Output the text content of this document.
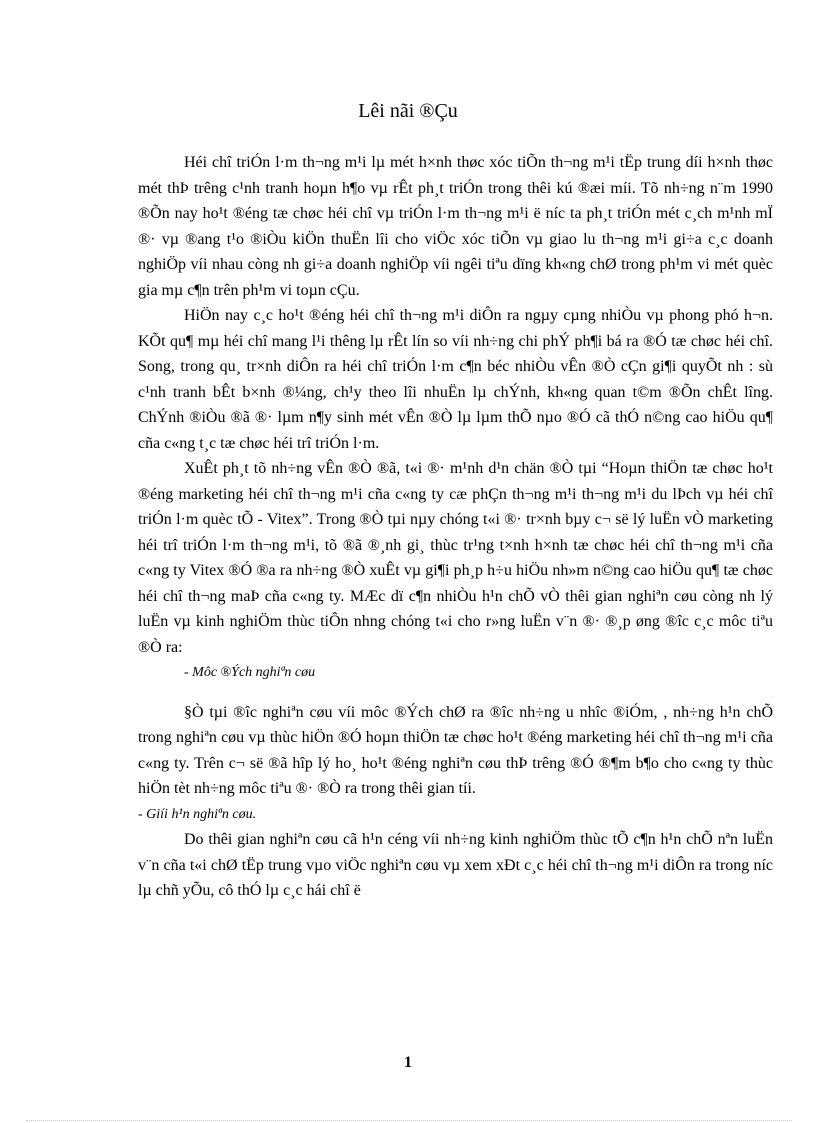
Lêi nãi ®Çu

Héi chî triÓn l·m th¬ng m¹i lµ mét h×nh thøc xóc tiÕn th¬ng m¹i tËp trung díi h×nh thøc mét thÞ trêng c¹nh tranh hoµn h¶o vµ rÊt ph¸t triÓn trong thêi kú ®æi míi. Tõ nh÷ng n¨m 1990 ®Õn nay ho¹t ®éng tæ chøc héi chî vµ triÓn l·m th¬ng m¹i ë níc ta ph¸t triÓn mét c¸ch m¹nh mÏ ®· vµ ®ang t¹o ®iÒu kiÖn thuËn lîi cho viÖc xóc tiÕn vµ giao lu th¬ng m¹i gi÷a c¸c doanh nghiÖp víi nhau còng nh gi÷a doanh nghiÖp víi ngêi tiªu dïng kh«ng chØ trong ph¹m vi mét quèc gia mµ c¶n trên ph¹m vi toµn cÇu.

HiÖn nay c¸c ho¹t ®éng héi chî th¬ng m¹i diÔn ra ngµy cµng nhiÒu vµ phong phó h¬n. KÕt qu¶ mµ héi chî mang l¹i thêng lµ rÊt lín so víi nh÷ng chi phÝ ph¶i bá ra ®Ó tæ chøc héi chî. Song, trong qu¸ tr×nh diÔn ra héi chî triÓn l·m c¶n béc nhiÒu vÊn ®Ò cÇn gi¶i quyÕt nh : sù c¹nh tranh bÊt b×nh ®¼ng, ch¹y theo lîi nhuËn lµ chÝnh, kh«ng quan t©m ®Õn chÊt lîng. ChÝnh ®iÒu ®ã ®· lµm n¶y sinh mét vÊn ®Ò lµ lµm thÕ nµo ®Ó cã thÓ n©ng cao hiÖu qu¶ cña c«ng t¸c tæ chøc héi trî triÓn l·m.

XuÊt ph¸t tõ nh÷ng vÊn ®Ò ®ã, t«i ®· m¹nh d¹n chän ®Ò tµi “Hoµn thiÖn tæ chøc ho¹t ®éng marketing héi chî th¬ng m¹i cña c«ng ty cæ phÇn th¬ng m¹i th¬ng m¹i du lÞch vµ héi chî triÓn l·m quèc tÕ - Vitex”. Trong ®Ò tµi nµy chóng t«i ®· tr×nh bµy c¬ së lý luËn vÒ marketing héi trî triÓn l·m th¬ng m¹i, tõ ®ã ®¸nh gi¸ thùc tr¹ng t×nh h×nh tæ chøc héi chî th¬ng m¹i cña c«ng ty Vitex ®Ó ®a ra nh÷ng ®Ò xuÊt vµ gi¶i ph¸p h÷u hiÖu nh»m n©ng cao hiÖu qu¶ tæ chøc héi chî th¬ng maÞ cña c«ng ty. MÆc dï c¶n nhiÒu h¹n chÕ vÒ thêi gian nghiªn cøu còng nh lý luËn vµ kinh nghiÖm thùc tiÔn nhng chóng t«i cho r»ng luËn v¨n ®· ®¸p øng ®îc c¸c môc tiªu ®Ò ra:

- Môc ®Ých nghiªn cøu

§Ò tµi ®îc nghiªn cøu víi môc ®Ých chØ ra ®îc nh÷ng u nhîc ®iÓm, , nh÷ng h¹n chÕ trong nghiªn cøu vµ thùc hiÖn ®Ó hoµn thiÖn tæ chøc ho¹t ®éng marketing héi chî th¬ng m¹i cña c«ng ty. Trên c¬ së ®ã hîp lý ho¸ ho¹t ®éng nghiªn cøu thÞ trêng ®Ó ®¶m b¶o cho c«ng ty thùc hiÖn tèt nh÷ng môc tiªu ®· ®Ò ra trong thêi gian tíi.

- Giíi h¹n nghiªn cøu.

Do thêi gian nghiªn cøu cã h¹n céng víi nh÷ng kinh nghiÖm thùc tÕ c¶n h¹n chÕ nªn luËn v¨n cña t«i chØ tËp trung vµo viÖc nghiªn cøu vµ xem xÐt c¸c héi chî th¬ng m¹i diÔn ra trong níc lµ chñ yÕu, cô thÓ lµ c¸c hái chî ë

1
